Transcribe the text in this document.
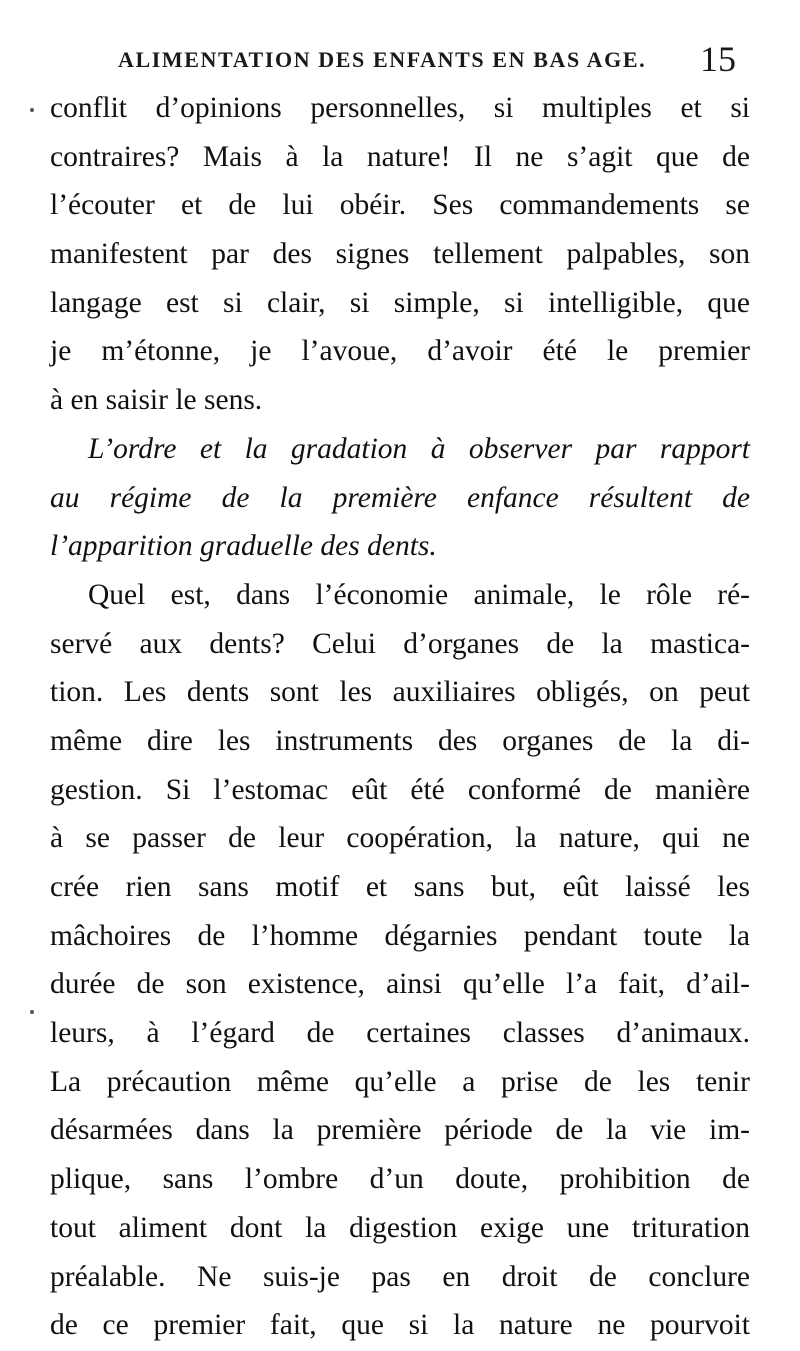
ALIMENTATION DES ENFANTS EN BAS AGE. 15
conflit d’opinions personnelles, si multiples et si
contraires? Mais à la nature! Il ne s’agit que de
l’écouter et de lui obéir. Ses commandements se
manifestent par des signes tellement palpables, son
langage est si clair, si simple, si intelligible, que
je m’étonne, je l’avoue, d’avoir été le premier
à en saisir le sens.
L’ordre et la gradation à observer par rapport
au régime de la première enfance résultent de
l’apparition graduelle des dents.
Quel est, dans l’économie animale, le rôle ré-
servé aux dents? Celui d’organes de la mastica-
tion. Les dents sont les auxiliaires obligés, on peut
même dire les instruments des organes de la di-
gestion. Si l’estomac eût été conformé de manière
à se passer de leur coopération, la nature, qui ne
crée rien sans motif et sans but, eût laissé les
mâchoires de l’homme dégarnies pendant toute la
durée de son existence, ainsi qu’elle l’a fait, d’ail-
leurs, à l’égard de certaines classes d’animaux.
La précaution même qu’elle a prise de les tenir
désarmées dans la première période de la vie im-
plique, sans l’ombre d’un doute, prohibition de
tout aliment dont la digestion exige une trituration
préalable. Ne suis-je pas en droit de conclure
de ce premier fait, que si la nature ne pourvoit
